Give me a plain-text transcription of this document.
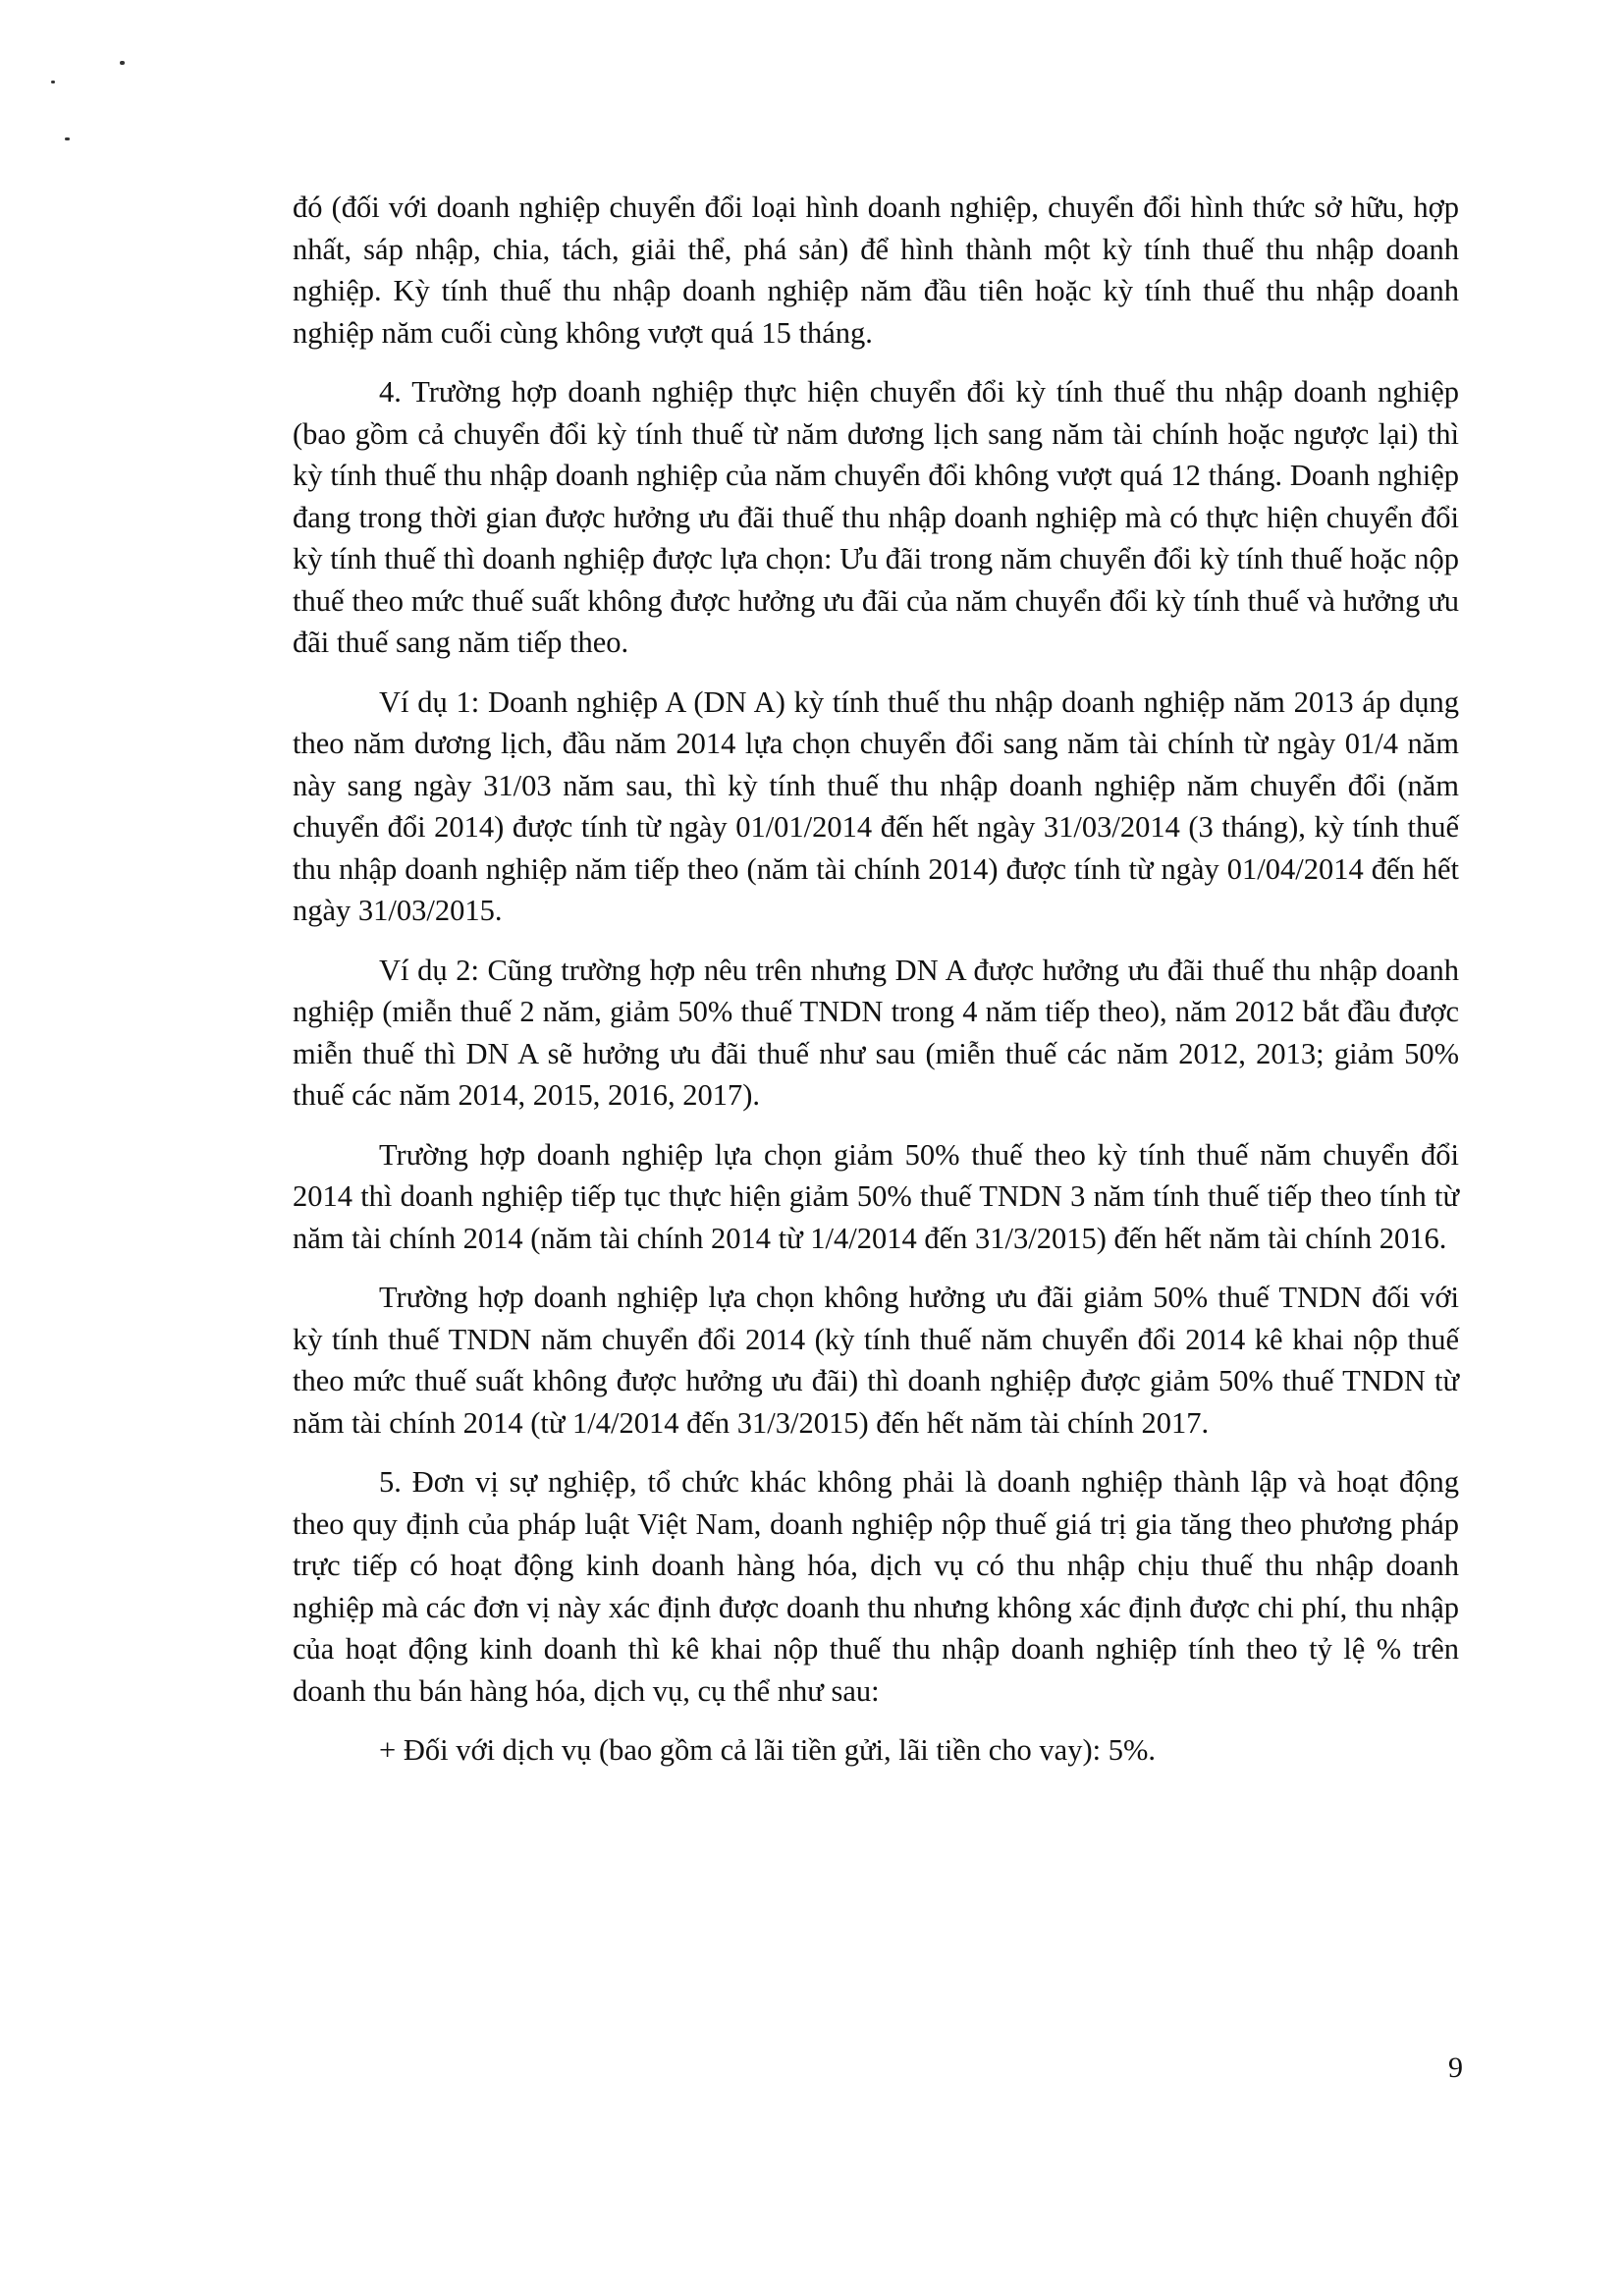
đó (đối với doanh nghiệp chuyển đổi loại hình doanh nghiệp, chuyển đổi hình thức sở hữu, hợp nhất, sáp nhập, chia, tách, giải thể, phá sản) để hình thành một kỳ tính thuế thu nhập doanh nghiệp. Kỳ tính thuế thu nhập doanh nghiệp năm đầu tiên hoặc kỳ tính thuế thu nhập doanh nghiệp năm cuối cùng không vượt quá 15 tháng.

4. Trường hợp doanh nghiệp thực hiện chuyển đổi kỳ tính thuế thu nhập doanh nghiệp (bao gồm cả chuyển đổi kỳ tính thuế từ năm dương lịch sang năm tài chính hoặc ngược lại) thì kỳ tính thuế thu nhập doanh nghiệp của năm chuyển đổi không vượt quá 12 tháng. Doanh nghiệp đang trong thời gian được hưởng ưu đãi thuế thu nhập doanh nghiệp mà có thực hiện chuyển đổi kỳ tính thuế thì doanh nghiệp được lựa chọn: Ưu đãi trong năm chuyển đổi kỳ tính thuế hoặc nộp thuế theo mức thuế suất không được hưởng ưu đãi của năm chuyển đổi kỳ tính thuế và hưởng ưu đãi thuế sang năm tiếp theo.

Ví dụ 1: Doanh nghiệp A (DN A) kỳ tính thuế thu nhập doanh nghiệp năm 2013 áp dụng theo năm dương lịch, đầu năm 2014 lựa chọn chuyển đổi sang năm tài chính từ ngày 01/4 năm này sang ngày 31/03 năm sau, thì kỳ tính thuế thu nhập doanh nghiệp năm chuyển đổi (năm chuyển đổi 2014) được tính từ ngày 01/01/2014 đến hết ngày 31/03/2014 (3 tháng), kỳ tính thuế thu nhập doanh nghiệp năm tiếp theo (năm tài chính 2014) được tính từ ngày 01/04/2014 đến hết ngày 31/03/2015.

Ví dụ 2: Cũng trường hợp nêu trên nhưng DN A được hưởng ưu đãi thuế thu nhập doanh nghiệp (miễn thuế 2 năm, giảm 50% thuế TNDN trong 4 năm tiếp theo), năm 2012 bắt đầu được miễn thuế thì DN A sẽ hưởng ưu đãi thuế như sau (miễn thuế các năm 2012, 2013; giảm 50% thuế các năm 2014, 2015, 2016, 2017).

Trường hợp doanh nghiệp lựa chọn giảm 50% thuế theo kỳ tính thuế năm chuyển đổi 2014 thì doanh nghiệp tiếp tục thực hiện giảm 50% thuế TNDN 3 năm tính thuế tiếp theo tính từ năm tài chính 2014 (năm tài chính 2014 từ 1/4/2014 đến 31/3/2015) đến hết năm tài chính 2016.

Trường hợp doanh nghiệp lựa chọn không hưởng ưu đãi giảm 50% thuế TNDN đối với kỳ tính thuế TNDN năm chuyển đổi 2014 (kỳ tính thuế năm chuyển đổi 2014 kê khai nộp thuế theo mức thuế suất không được hưởng ưu đãi) thì doanh nghiệp được giảm 50% thuế TNDN từ năm tài chính 2014 (từ 1/4/2014 đến 31/3/2015) đến hết năm tài chính 2017.

5. Đơn vị sự nghiệp, tổ chức khác không phải là doanh nghiệp thành lập và hoạt động theo quy định của pháp luật Việt Nam, doanh nghiệp nộp thuế giá trị gia tăng theo phương pháp trực tiếp có hoạt động kinh doanh hàng hóa, dịch vụ có thu nhập chịu thuế thu nhập doanh nghiệp mà các đơn vị này xác định được doanh thu nhưng không xác định được chi phí, thu nhập của hoạt động kinh doanh thì kê khai nộp thuế thu nhập doanh nghiệp tính theo tỷ lệ % trên doanh thu bán hàng hóa, dịch vụ, cụ thể như sau:

+ Đối với dịch vụ (bao gồm cả lãi tiền gửi, lãi tiền cho vay): 5%.

9
